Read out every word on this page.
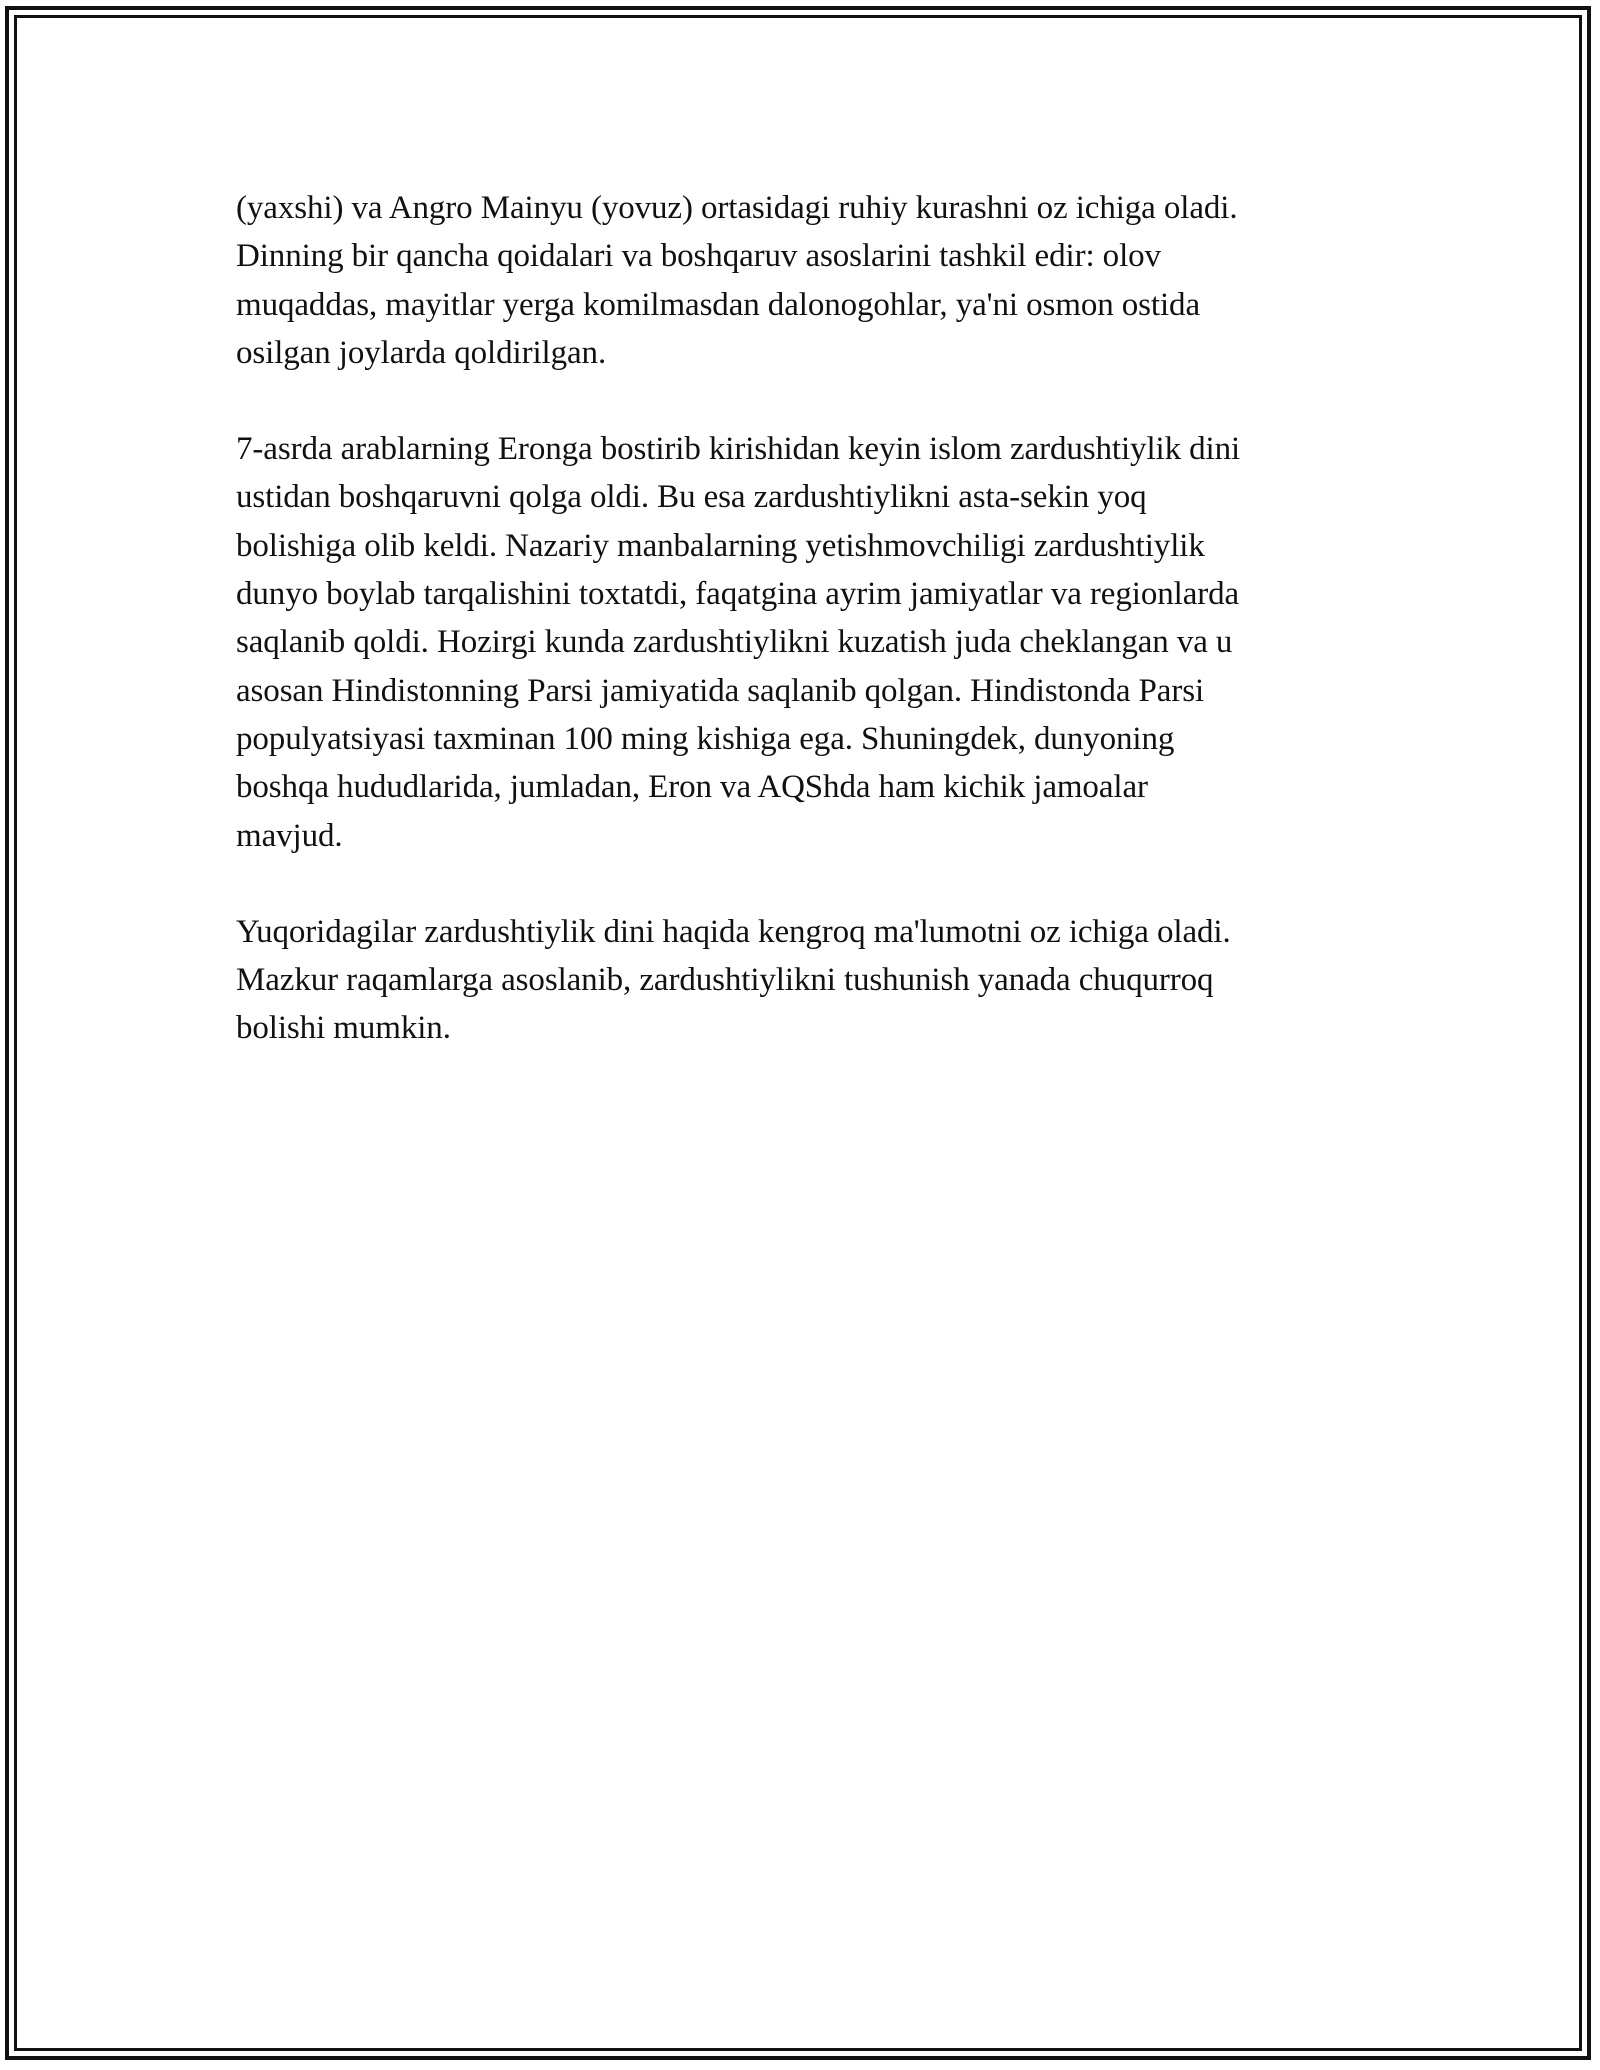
(yaxshi) va Angro Mainyu (yovuz) ortasidagi ruhiy kurashni oz ichiga oladi.
Dinning bir qancha qoidalari va boshqaruv asoslarini tashkil edir: olov
muqaddas, mayitlar yerga komilmasdan dalonogohlar, ya'ni osmon ostida
osilgan joylarda qoldirilgan.

7-asrda arablarning Eronga bostirib kirishidan keyin islom zardushtiylik dini
ustidan boshqaruvni qolga oldi. Bu esa zardushtiylikni asta-sekin yoq
bolishiga olib keldi. Nazariy manbalarning yetishmovchiligi zardushtiylik
dunyo boylab tarqalishini toxtatdi, faqatgina ayrim jamiyatlar va regionlarda
saqlanib qoldi. Hozirgi kunda zardushtiylikni kuzatish juda cheklangan va u
asosan Hindistonning Parsi jamiyatida saqlanib qolgan. Hindistonda Parsi
populyatsiyasi taxminan 100 ming kishiga ega. Shuningdek, dunyoning
boshqa hududlarida, jumladan, Eron va AQShda ham kichik jamoalar
mavjud.

Yuqoridagilar zardushtiylik dini haqida kengroq ma'lumotni oz ichiga oladi.
Mazkur raqamlarga asoslanib, zardushtiylikni tushunish yanada chuqurroq
bolishi mumkin.
